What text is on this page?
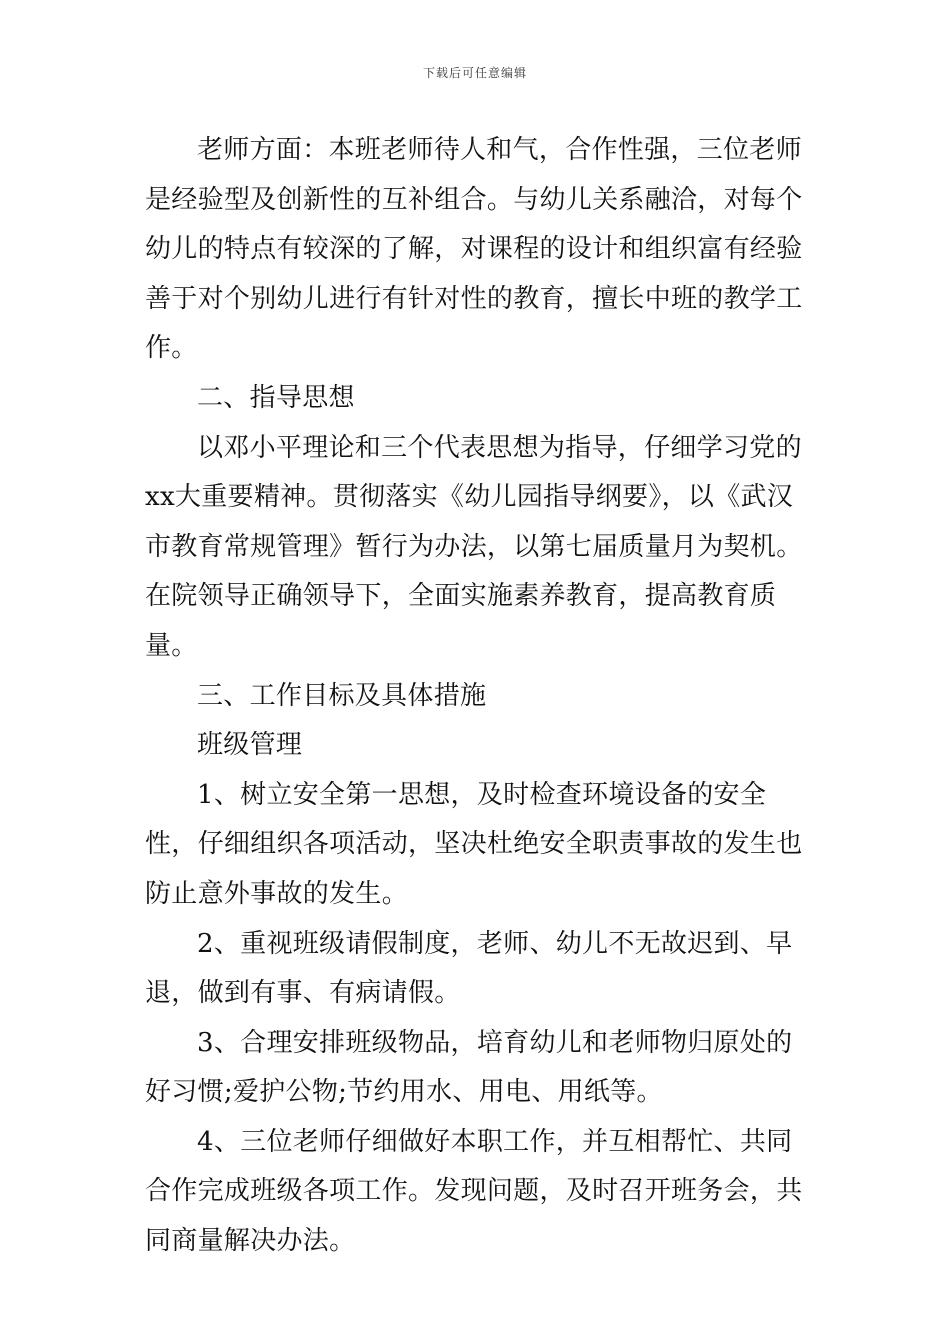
下载后可任意编辑

老师方面：本班老师待人和气，合作性强，三位老师是经验型及创新性的互补组合。与幼儿关系融洽，对每个幼儿的特点有较深的了解，对课程的设计和组织富有经验善于对个别幼儿进行有针对性的教育，擅长中班的教学工作。

二、指导思想

以邓小平理论和三个代表思想为指导，仔细学习党的xx大重要精神。贯彻落实《幼儿园指导纲要》，以《武汉市教育常规管理》暂行为办法，以第七届质量月为契机。在院领导正确领导下，全面实施素养教育，提高教育质量。

三、工作目标及具体措施

班级管理

1、树立安全第一思想，及时检查环境设备的安全性，仔细组织各项活动，坚决杜绝安全职责事故的发生也防止意外事故的发生。

2、重视班级请假制度，老师、幼儿不无故迟到、早退，做到有事、有病请假。

3、合理安排班级物品，培育幼儿和老师物归原处的好习惯;爱护公物;节约用水、用电、用纸等。

4、三位老师仔细做好本职工作，并互相帮忙、共同合作完成班级各项工作。发现问题，及时召开班务会，共同商量解决办法。
